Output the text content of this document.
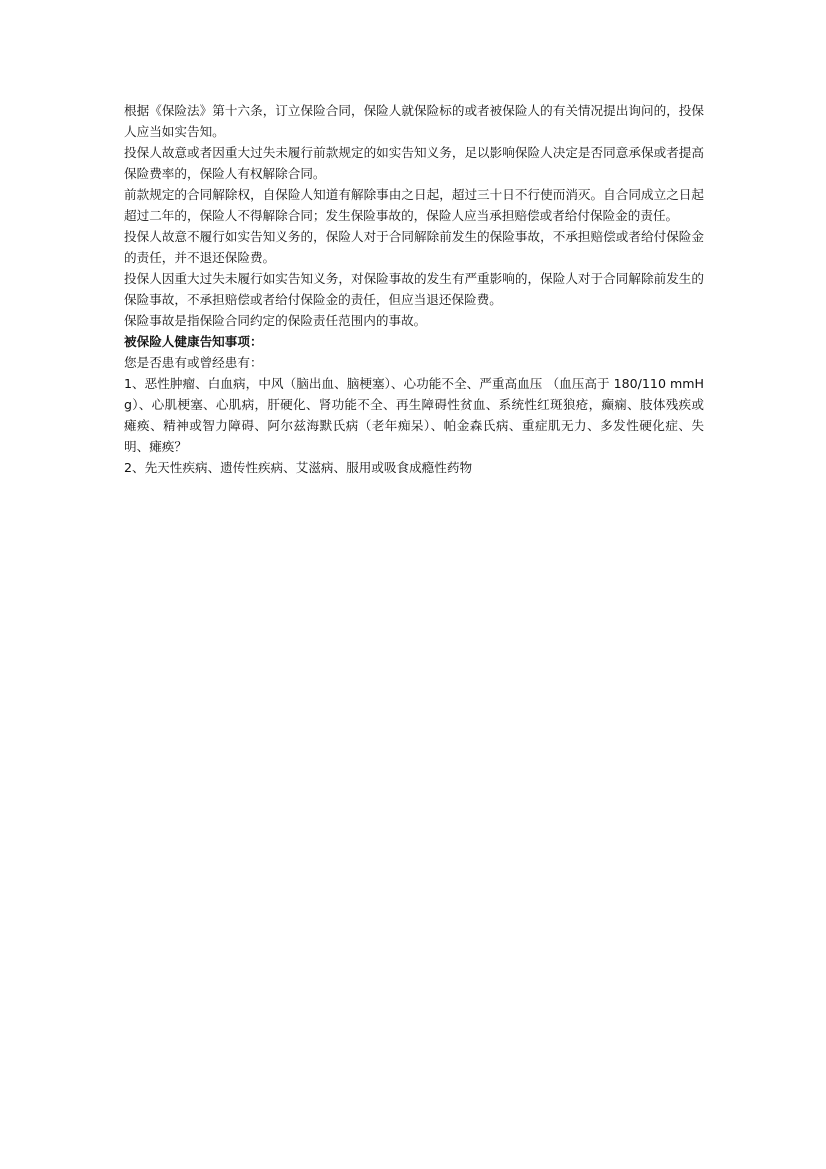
根据《保险法》第十六条，订立保险合同，保险人就保险标的或者被保险人的有关情况提出询问的，投保人应当如实告知。

投保人故意或者因重大过失未履行前款规定的如实告知义务，足以影响保险人决定是否同意承保或者提高保险费率的，保险人有权解除合同。

前款规定的合同解除权，自保险人知道有解除事由之日起，超过三十日不行使而消灭。自合同成立之日起超过二年的，保险人不得解除合同；发生保险事故的，保险人应当承担赔偿或者给付保险金的责任。

投保人故意不履行如实告知义务的，保险人对于合同解除前发生的保险事故，不承担赔偿或者给付保险金的责任，并不退还保险费。

投保人因重大过失未履行如实告知义务，对保险事故的发生有严重影响的，保险人对于合同解除前发生的保险事故，不承担赔偿或者给付保险金的责任，但应当退还保险费。

保险事故是指保险合同约定的保险责任范围内的事故。

被保险人健康告知事项：

您是否患有或曾经患有：

1、恶性肿瘤、白血病，中风（脑出血、脑梗塞）、心功能不全、严重高血压 （血压高于 180/110 mmHg）、心肌梗塞、心肌病，肝硬化、肾功能不全、再生障碍性贫血、系统性红斑狼疮，癫痫、肢体残疾或瘫痪、精神或智力障碍、阿尔兹海默氏病（老年痴呆）、帕金森氏病、重症肌无力、多发性硬化症、失明、瘫痪？

2、先天性疾病、遗传性疾病、艾滋病、服用或吸食成瘾性药物
